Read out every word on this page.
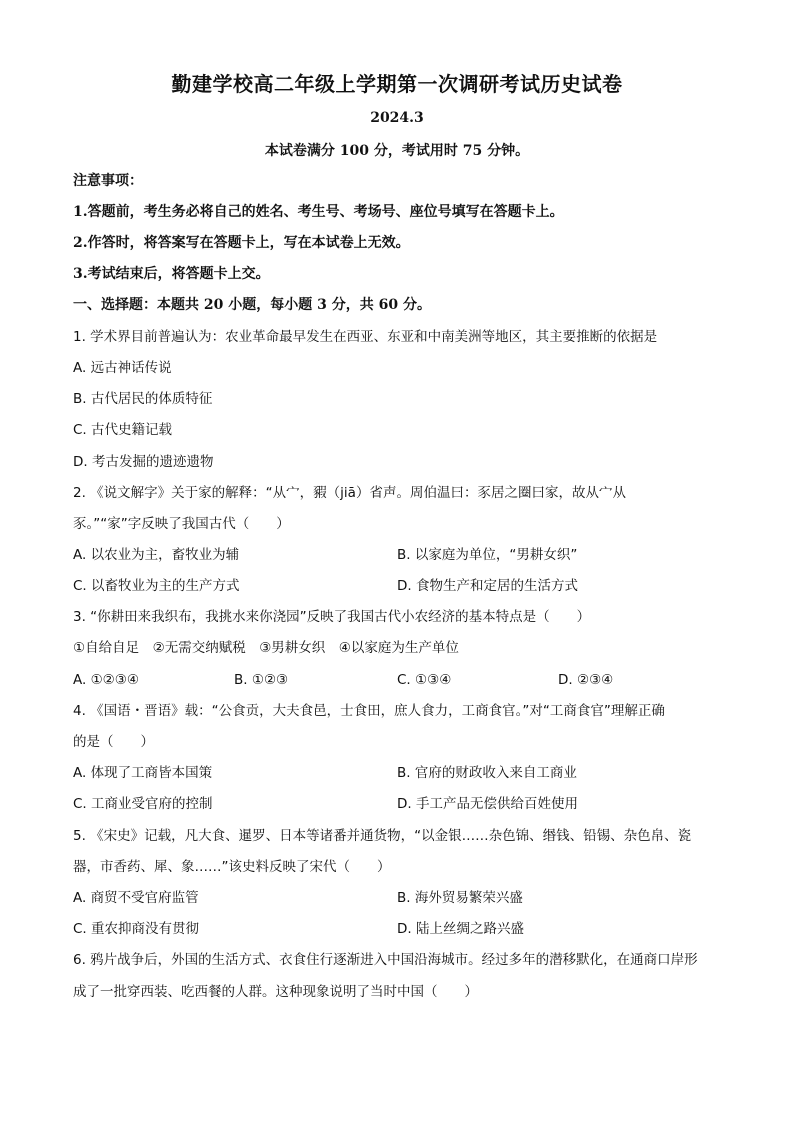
勤建学校高二年级上学期第一次调研考试历史试卷
2024.3
本试卷满分 100 分，考试用时 75 分钟。
注意事项：
1.答题前，考生务必将自己的姓名、考生号、考场号、座位号填写在答题卡上。
2.作答时，将答案写在答题卡上，写在本试卷上无效。
3.考试结束后，将答题卡上交。
一、选择题：本题共 20 小题，每小题 3 分，共 60 分。
1. 学术界目前普遍认为：农业革命最早发生在西亚、东亚和中南美洲等地区，其主要推断的依据是
A. 远古神话传说
B. 古代居民的体质特征
C. 古代史籍记载
D. 考古发掘的遗迹遗物
2. 《说文解字》关于家的解释：“从宀，豭（jiā）省声。周伯温曰：豕居之圈曰家，故从宀从
豕。”“家”字反映了我国古代（　　）
A. 以农业为主，畜牧业为辅	B. 以家庭为单位，“男耕女织”
C. 以畜牧业为主的生产方式	D. 食物生产和定居的生活方式
3. “你耕田来我织布，我挑水来你浇园”反映了我国古代小农经济的基本特点是（　　）
①自给自足　②无需交纳赋税　③男耕女织　④以家庭为生产单位
A. ①②③④	B. ①②③	C. ①③④	D. ②③④
4. 《国语・晋语》载：“公食贡，大夫食邑，士食田，庶人食力，工商食官。”对“工商食官”理解正确
的是（　　）
A. 体现了工商皆本国策	B. 官府的财政收入来自工商业
C. 工商业受官府的控制	D. 手工产品无偿供给百姓使用
5. 《宋史》记载，凡大食、暹罗、日本等诸番并通货物，“以金银……杂色锦、缗钱、铅锡、杂色帛、瓷
器，市香药、犀、象……”该史料反映了宋代（　　）
A. 商贸不受官府监管	B. 海外贸易繁荣兴盛
C. 重农抑商没有贯彻	D. 陆上丝绸之路兴盛
6. 鸦片战争后，外国的生活方式、衣食住行逐渐进入中国沿海城市。经过多年的潜移默化，在通商口岸形
成了一批穿西装、吃西餐的人群。这种现象说明了当时中国（　　）
